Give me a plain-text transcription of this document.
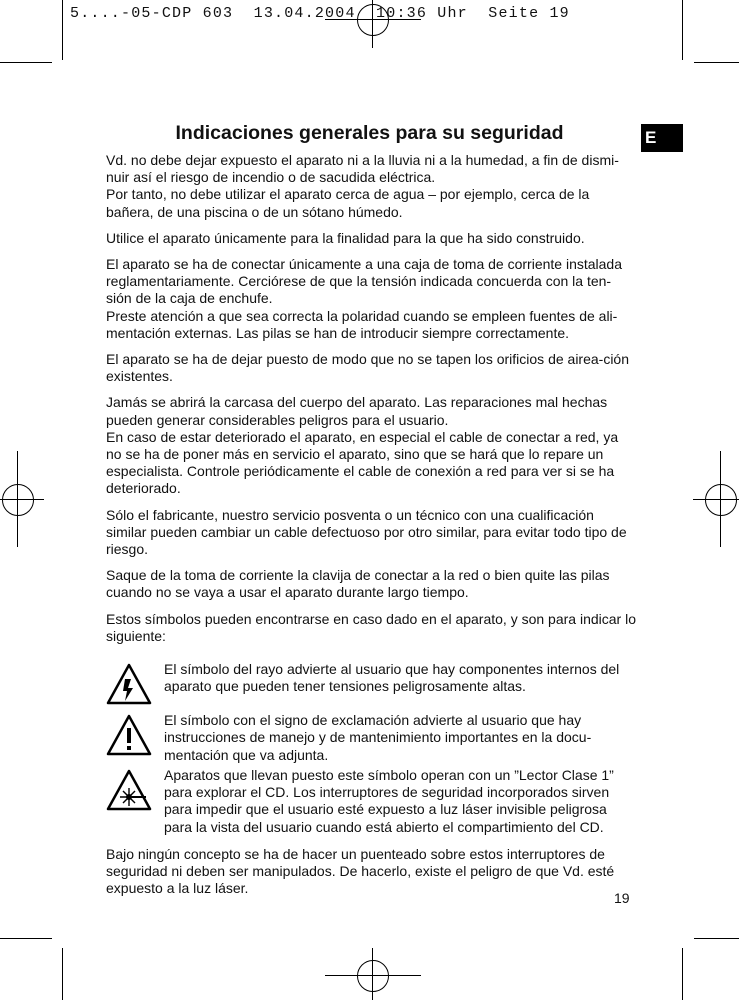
5....-05-CDP 603  13.04.2004  10:36 Uhr  Seite 19
E
Indicaciones generales para su seguridad

Vd. no debe dejar expuesto el aparato ni a la lluvia ni a la humedad, a fin de dismi-nuir así el riesgo de incendio o de sacudida eléctrica.
Por tanto, no debe utilizar el aparato cerca de agua – por ejemplo, cerca de la bañera, de una piscina o de un sótano húmedo.

Utilice el aparato únicamente para la finalidad para la que ha sido construido.

El aparato se ha de conectar únicamente a una caja de toma de corriente instalada reglamentariamente. Cerciórese de que la tensión indicada concuerda con la ten-sión de la caja de enchufe.
Preste atención a que sea correcta la polaridad cuando se empleen fuentes de ali-mentación externas. Las pilas se han de introducir siempre correctamente.

El aparato se ha de dejar puesto de modo que no se tapen los orificios de airea-ción existentes.

Jamás se abrirá la carcasa del cuerpo del aparato. Las reparaciones mal hechas pueden generar considerables peligros para el usuario.
En caso de estar deteriorado el aparato, en especial el cable de conectar a red, ya no se ha de poner más en servicio el aparato, sino que se hará que lo repare un especialista. Controle periódicamente el cable de conexión a red para ver si se ha deteriorado.

Sólo el fabricante, nuestro servicio posventa o un técnico con una cualificación similar pueden cambiar un cable defectuoso por otro similar, para evitar todo tipo de riesgo.

Saque de la toma de corriente la clavija de conectar a la red o bien quite las pilas cuando no se vaya a usar el aparato durante largo tiempo.

Estos símbolos pueden encontrarse en caso dado en el aparato, y son para indicar lo siguiente:

El símbolo del rayo advierte al usuario que hay componentes internos del aparato que pueden tener tensiones peligrosamente altas.
El símbolo con el signo de exclamación advierte al usuario que hay instrucciones de manejo y de mantenimiento importantes en la docu-mentación que va adjunta.
Aparatos que llevan puesto este símbolo operan con un ”Lector Clase 1” para explorar el CD. Los interruptores de seguridad incorporados sirven para impedir que el usuario esté expuesto a luz láser invisible peligrosa para la vista del usuario cuando está abierto el compartimiento del CD.

Bajo ningún concepto se ha de hacer un puenteado sobre estos interruptores de seguridad ni deben ser manipulados. De hacerlo, existe el peligro de que Vd. esté expuesto a la luz láser.

19
